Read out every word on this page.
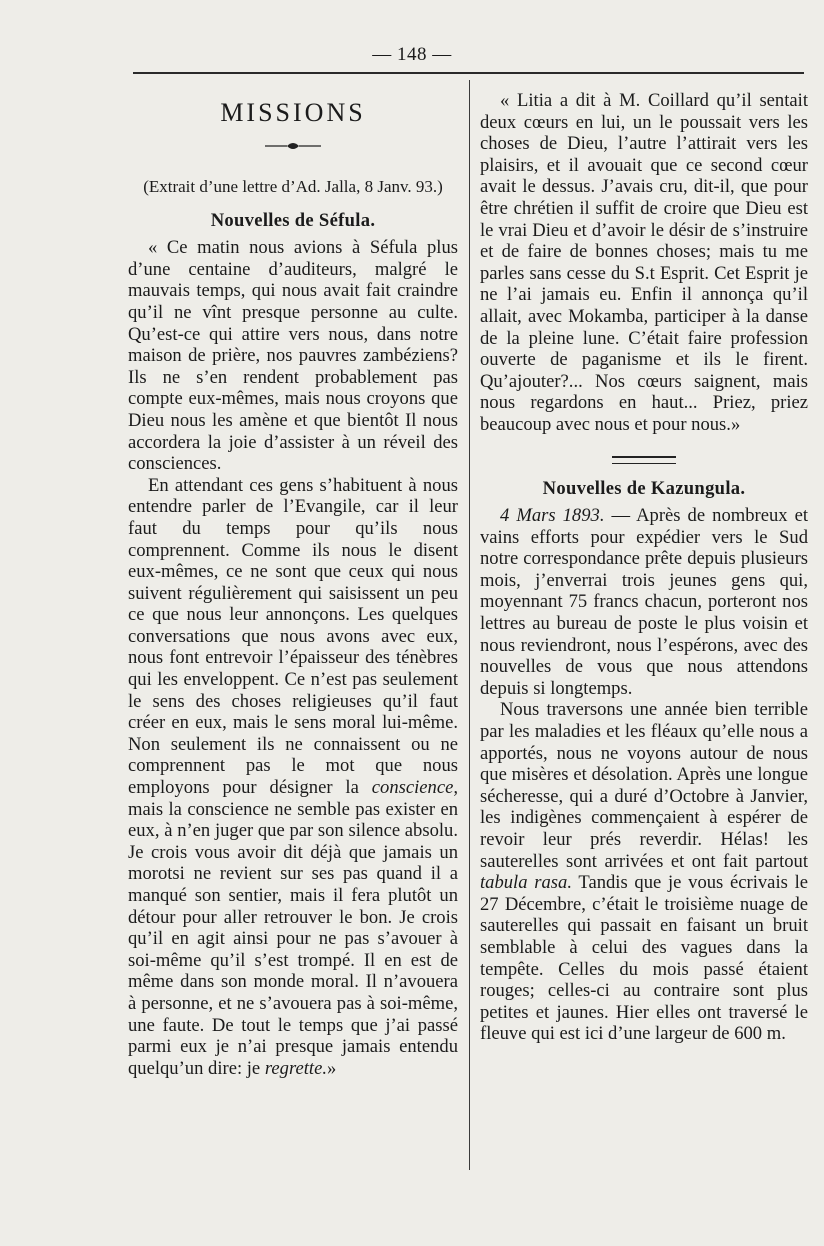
— 148 —
MISSIONS
(Extrait d’une lettre d’Ad. Jalla, 8 Janv. 93.)
Nouvelles de Séfula.

« Ce matin nous avions à Séfula plus d’une centaine d’auditeurs, malgré le mauvais temps, qui nous avait fait craindre qu’il ne vînt presque personne au culte. Qu’est-ce qui attire vers nous, dans notre maison de prière, nos pauvres zambéziens? Ils ne s’en rendent probablement pas compte eux-mêmes, mais nous croyons que Dieu nous les amène et que bientôt Il nous accordera la joie d’assister à un réveil des consciences.

En attendant ces gens s’habituent à nous entendre parler de l’Evangile, car il leur faut du temps pour qu’ils nous comprennent. Comme ils nous le disent eux-mêmes, ce ne sont que ceux qui nous suivent régulièrement qui saisissent un peu ce que nous leur annonçons. Les quelques conversations que nous avons avec eux, nous font entrevoir l’épaisseur des ténèbres qui les enveloppent. Ce n’est pas seulement le sens des choses religieuses qu’il faut créer en eux, mais le sens moral lui-même. Non seulement ils ne connaissent ou ne comprennent pas le mot que nous employons pour désigner la conscience, mais la conscience ne semble pas exister en eux, à n’en juger que par son silence absolu. Je crois vous avoir dit déjà que jamais un morotsi ne revient sur ses pas quand il a manqué son sentier, mais il fera plutôt un détour pour aller retrouver le bon. Je crois qu’il en agit ainsi pour ne pas s’avouer à soi-même qu’il s’est trompé. Il en est de même dans son monde moral. Il n’avouera à personne, et ne s’avouera pas à soi-même, une faute. De tout le temps que j’ai passé parmi eux je n’ai presque jamais entendu quelqu’un dire: je regrette.»

« Litia a dit à M. Coillard qu’il sentait deux cœurs en lui, un le poussait vers les choses de Dieu, l’autre l’attirait vers les plaisirs, et il avouait que ce second cœur avait le dessus. J’avais cru, dit-il, que pour être chrétien il suffit de croire que Dieu est le vrai Dieu et d’avoir le désir de s’instruire et de faire de bonnes choses; mais tu me parles sans cesse du S.t Esprit. Cet Esprit je ne l’ai jamais eu. Enfin il annonça qu’il allait, avec Mokamba, participer à la danse de la pleine lune. C’était faire profession ouverte de paganisme et ils le firent. Qu’ajouter?... Nos cœurs saignent, mais nous regardons en haut... Priez, priez beaucoup avec nous et pour nous.»

Nouvelles de Kazungula.

4 Mars 1893. — Après de nombreux et vains efforts pour expédier vers le Sud notre correspondance prête depuis plusieurs mois, j’enverrai trois jeunes gens qui, moyennant 75 francs chacun, porteront nos lettres au bureau de poste le plus voisin et nous reviendront, nous l’espérons, avec des nouvelles de vous que nous attendons depuis si longtemps.

Nous traversons une année bien terrible par les maladies et les fléaux qu’elle nous a apportés, nous ne voyons autour de nous que misères et désolation. Après une longue sécheresse, qui a duré d’Octobre à Janvier, les indigènes commençaient à espérer de revoir leur prés reverdir. Hélas! les sauterelles sont arrivées et ont fait partout tabula rasa. Tandis que je vous écrivais le 27 Décembre, c’était le troisième nuage de sauterelles qui passait en faisant un bruit semblable à celui des vagues dans la tempête. Celles du mois passé étaient rouges; celles-ci au contraire sont plus petites et jaunes. Hier elles ont traversé le fleuve qui est ici d’une largeur de 600 m.
